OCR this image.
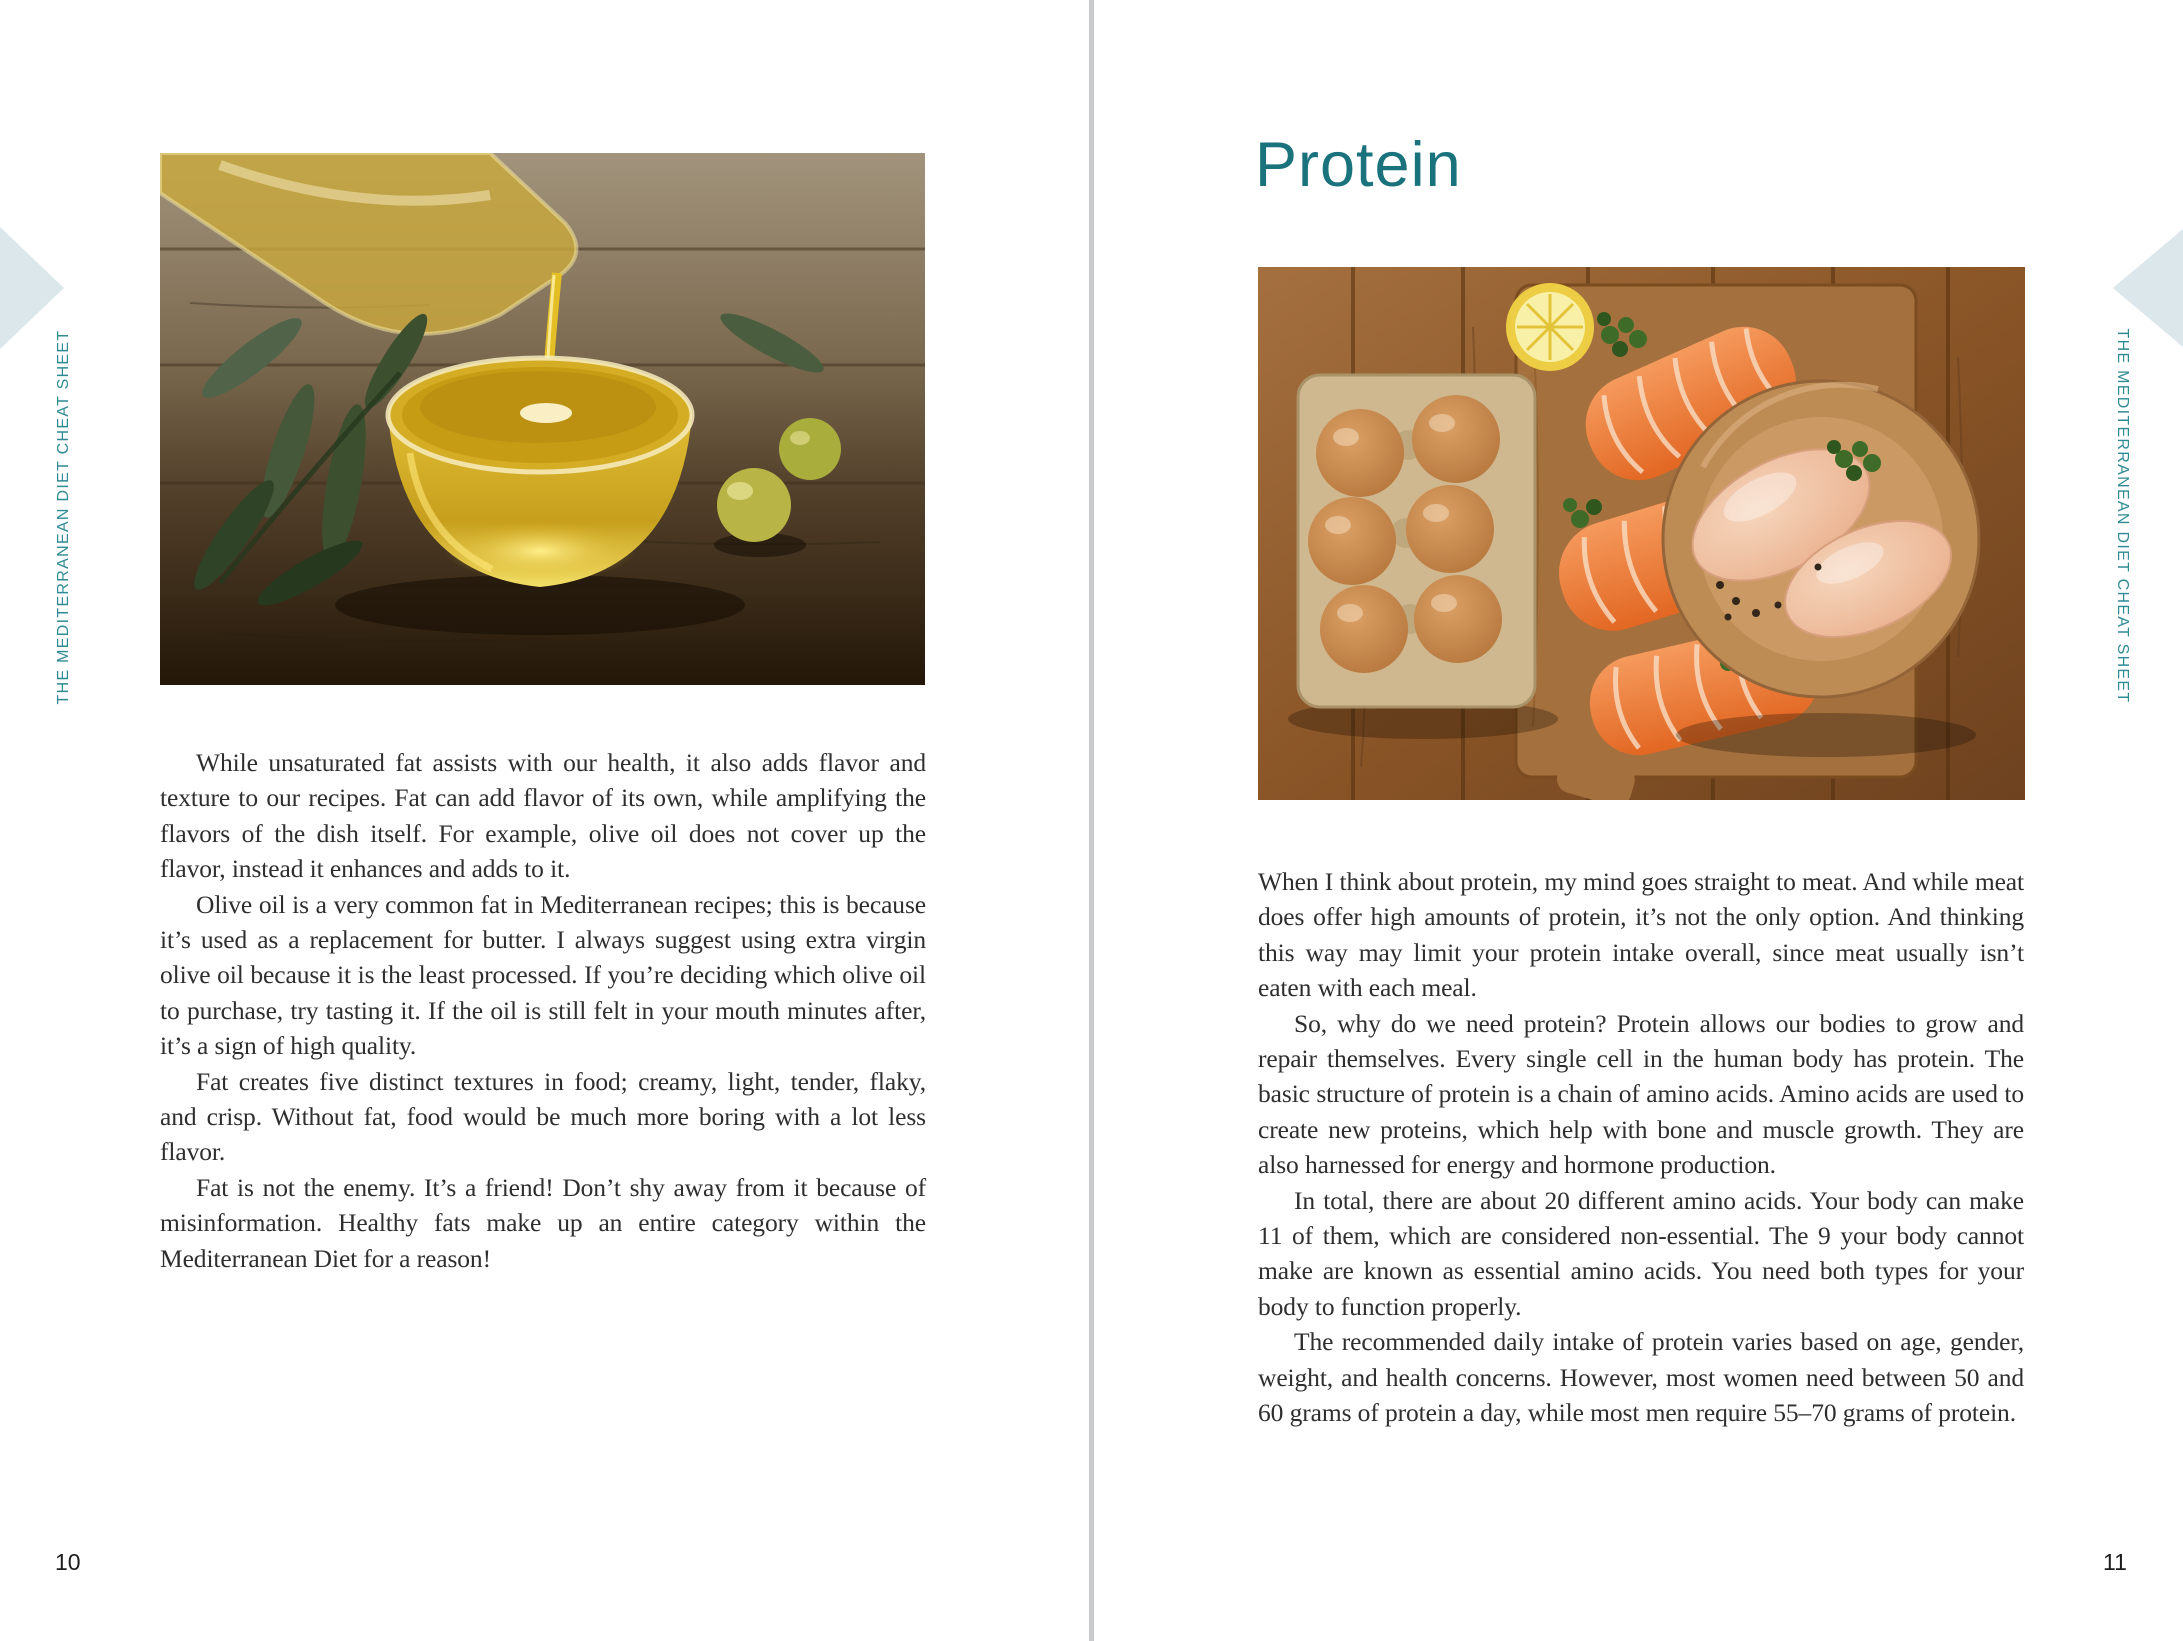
THE MEDITERRANEAN DIET CHEAT SHEET

While unsaturated fat assists with our health, it also adds flavor and texture to our recipes. Fat can add flavor of its own, while amplifying the flavors of the dish itself. For example, olive oil does not cover up the flavor, instead it enhances and adds to it.

Olive oil is a very common fat in Mediterranean recipes; this is because it’s used as a replacement for butter. I always suggest using extra virgin olive oil because it is the least processed. If you’re deciding which olive oil to purchase, try tasting it. If the oil is still felt in your mouth minutes after, it’s a sign of high quality.

Fat creates five distinct textures in food; creamy, light, tender, flaky, and crisp. Without fat, food would be much more boring with a lot less flavor.

Fat is not the enemy. It’s a friend! Don’t shy away from it because of misinformation. Healthy fats make up an entire category within the Mediterranean Diet for a reason!

10
THE MEDITERRANEAN DIET CHEAT SHEET
Protein

When I think about protein, my mind goes straight to meat. And while meat does offer high amounts of protein, it’s not the only option. And thinking this way may limit your protein intake overall, since meat usually isn’t eaten with each meal.

So, why do we need protein? Protein allows our bodies to grow and repair themselves. Every single cell in the human body has protein. The basic structure of protein is a chain of amino acids. Amino acids are used to create new proteins, which help with bone and muscle growth. They are also harnessed for energy and hormone production.

In total, there are about 20 different amino acids. Your body can make 11 of them, which are considered non-essential. The 9 your body cannot make are known as essential amino acids. You need both types for your body to function properly.

The recommended daily intake of protein varies based on age, gender, weight, and health concerns. However, most women need between 50 and 60 grams of protein a day, while most men require 55–70 grams of protein.

11
